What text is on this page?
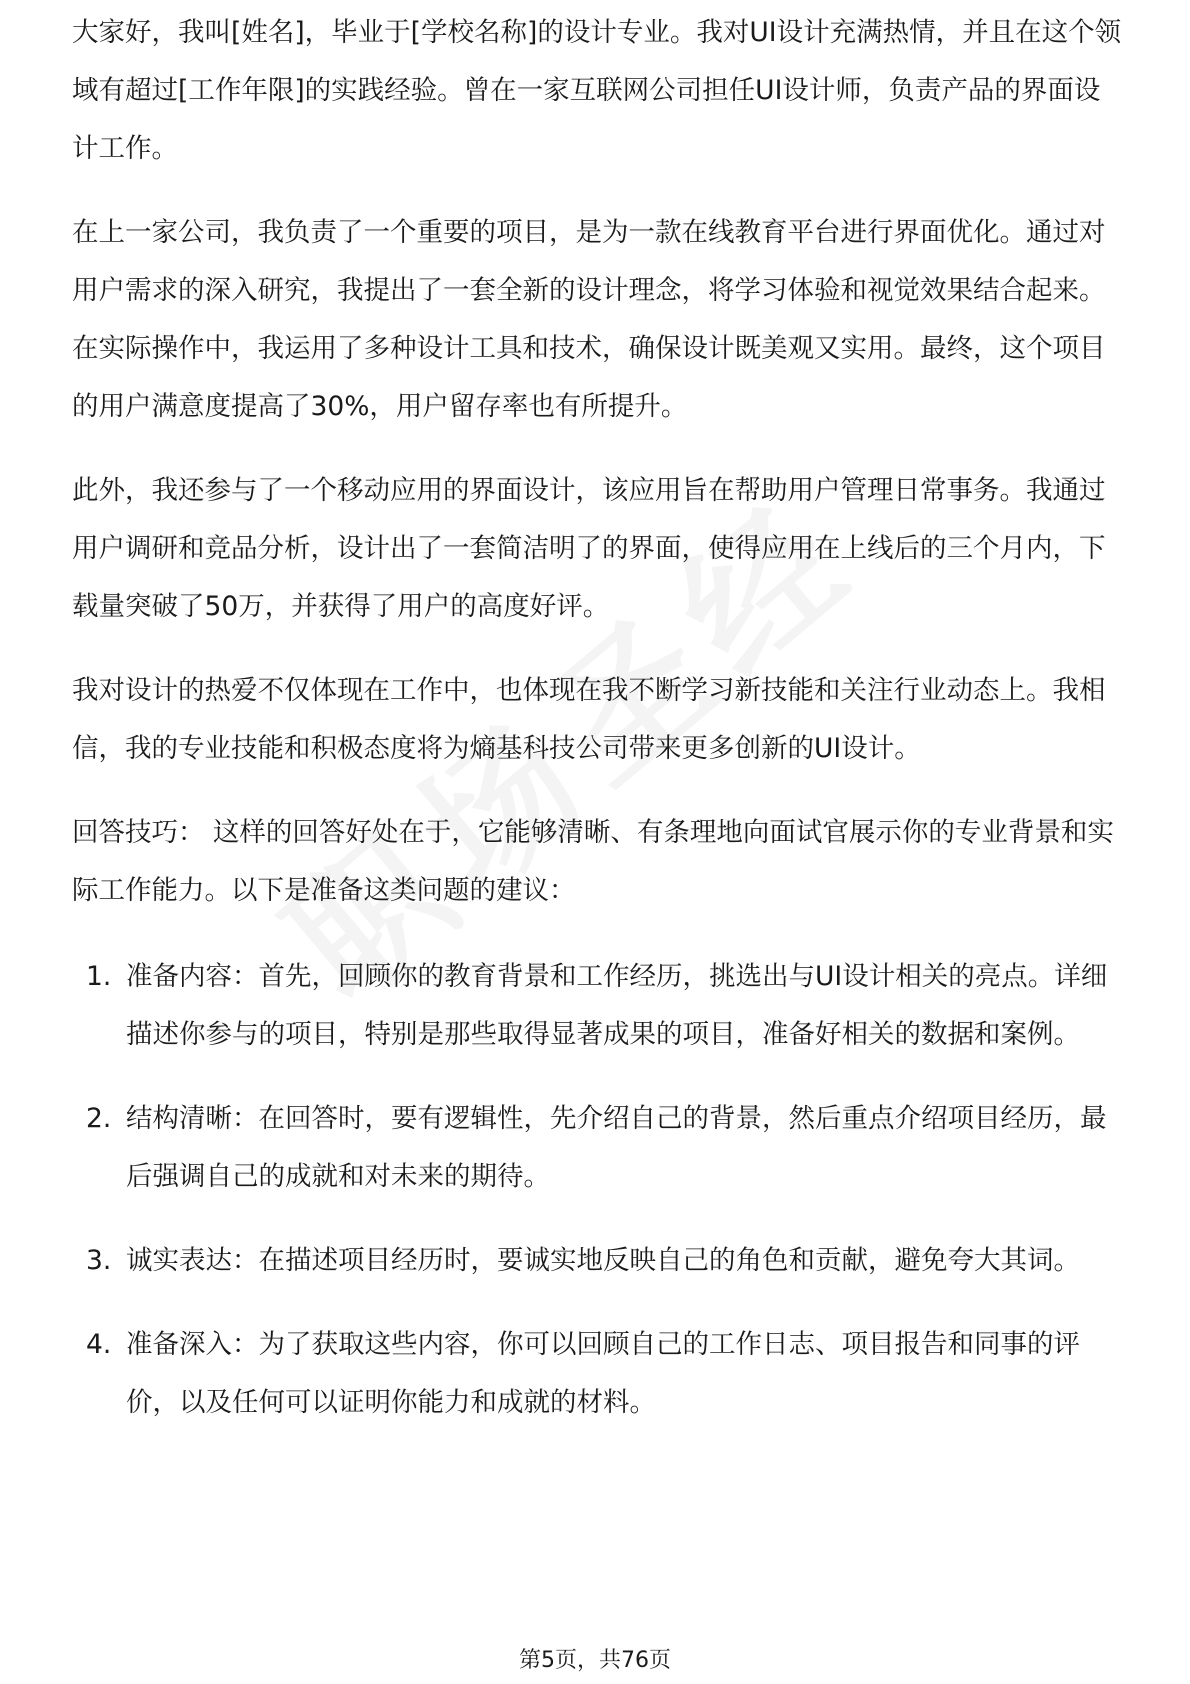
大家好，我叫[姓名]，毕业于[学校名称]的设计专业。我对UI设计充满热情，并且在这个领域有超过[工作年限]的实践经验。曾在一家互联网公司担任UI设计师，负责产品的界面设计工作。

在上一家公司，我负责了一个重要的项目，是为一款在线教育平台进行界面优化。通过对用户需求的深入研究，我提出了一套全新的设计理念，将学习体验和视觉效果结合起来。在实际操作中，我运用了多种设计工具和技术，确保设计既美观又实用。最终，这个项目的用户满意度提高了30%，用户留存率也有所提升。

此外，我还参与了一个移动应用的界面设计，该应用旨在帮助用户管理日常事务。我通过用户调研和竞品分析，设计出了一套简洁明了的界面，使得应用在上线后的三个月内，下载量突破了50万，并获得了用户的高度好评。

我对设计的热爱不仅体现在工作中，也体现在我不断学习新技能和关注行业动态上。我相信，我的专业技能和积极态度将为熵基科技公司带来更多创新的UI设计。

回答技巧： 这样的回答好处在于，它能够清晰、有条理地向面试官展示你的专业背景和实际工作能力。以下是准备这类问题的建议：

1. 准备内容：首先，回顾你的教育背景和工作经历，挑选出与UI设计相关的亮点。详细描述你参与的项目，特别是那些取得显著成果的项目，准备好相关的数据和案例。
2. 结构清晰：在回答时，要有逻辑性，先介绍自己的背景，然后重点介绍项目经历，最后强调自己的成就和对未来的期待。
3. 诚实表达：在描述项目经历时，要诚实地反映自己的角色和贡献，避免夸大其词。
4. 准备深入：为了获取这些内容，你可以回顾自己的工作日志、项目报告和同事的评价，以及任何可以证明你能力和成就的材料。
第5页，共76页
